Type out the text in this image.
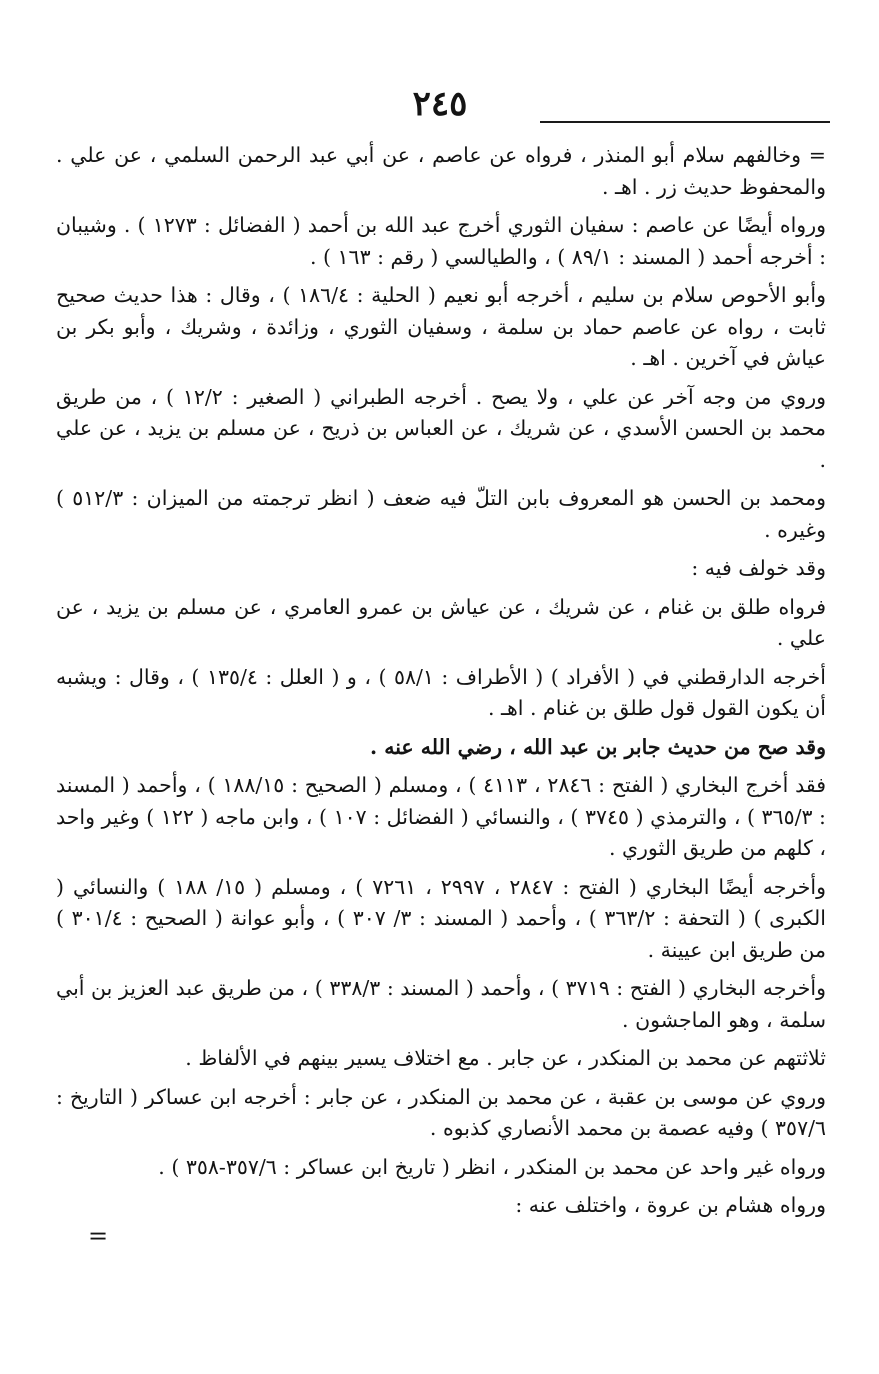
٢٤٥

= وخالفهم سلام أبو المنذر ، فرواه عن عاصم ، عن أبي عبد الرحمن السلمي ، عن علي . والمحفوظ حديث زر . اهـ .

ورواه أيضًا عن عاصم : سفيان الثوري أخرج عبد الله بن أحمد ( الفضائل : ١٢٧٣ ) . وشيبان : أخرجه أحمد ( المسند : ٨٩/١ ) ، والطيالسي ( رقم : ١٦٣ ) .

وأبو الأحوص سلام بن سليم ، أخرجه أبو نعيم ( الحلية : ١٨٦/٤ ) ، وقال : هذا حديث صحيح ثابت ، رواه عن عاصم حماد بن سلمة ، وسفيان الثوري ، وزائدة ، وشريك ، وأبو بكر بن عياش في آخرين . اهـ .

وروي من وجه آخر عن علي ، ولا يصح . أخرجه الطبراني ( الصغير : ١٢/٢ ) ، من طريق محمد بن الحسن الأسدي ، عن شريك ، عن العباس بن ذريح ، عن مسلم بن يزيد ، عن علي .

ومحمد بن الحسن هو المعروف بابن التلّ فيه ضعف ( انظر ترجمته من الميزان : ٥١٢/٣ ) وغيره .

وقد خولف فيه :

فرواه طلق بن غنام ، عن شريك ، عن عياش بن عمرو العامري ، عن مسلم بن يزيد ، عن علي .

أخرجه الدارقطني في ( الأفراد ) ( الأطراف : ٥٨/١ ) ، و ( العلل : ١٣٥/٤ ) ، وقال : ويشبه أن يكون القول قول طلق بن غنام . اهـ .

وقد صح من حديث جابر بن عبد الله ، رضي الله عنه .

فقد أخرج البخاري ( الفتح : ٢٨٤٦ ، ٤١١٣ ) ، ومسلم ( الصحيح : ١٨٨/١٥ ) ، وأحمد ( المسند : ٣٦٥/٣ ) ، والترمذي ( ٣٧٤٥ ) ، والنسائي ( الفضائل : ١٠٧ ) ، وابن ماجه ( ١٢٢ ) وغير واحد ، كلهم من طريق الثوري .

وأخرجه أيضًا البخاري ( الفتح : ٢٨٤٧ ، ٢٩٩٧ ، ٧٢٦١ ) ، ومسلم ( ١٥/ ١٨٨ ) والنسائي ( الكبرى ) ( التحفة : ٣٦٣/٢ ) ، وأحمد ( المسند : ٣/ ٣٠٧ ) ، وأبو عوانة ( الصحيح : ٣٠١/٤ ) من طريق ابن عيينة .

وأخرجه البخاري ( الفتح : ٣٧١٩ ) ، وأحمد ( المسند : ٣٣٨/٣ ) ، من طريق عبد العزيز بن أبي سلمة ، وهو الماجشون .

ثلاثتهم عن محمد بن المنكدر ، عن جابر . مع اختلاف يسير بينهم في الألفاظ .

وروي عن موسى بن عقبة ، عن محمد بن المنكدر ، عن جابر : أخرجه ابن عساكر ( التاريخ : ٣٥٧/٦ ) وفيه عصمة بن محمد الأنصاري كذبوه .

ورواه غير واحد عن محمد بن المنكدر ، انظر ( تاريخ ابن عساكر : ٣٥٧/٦-٣٥٨ ) .

ورواه هشام بن عروة ، واختلف عنه :

=
